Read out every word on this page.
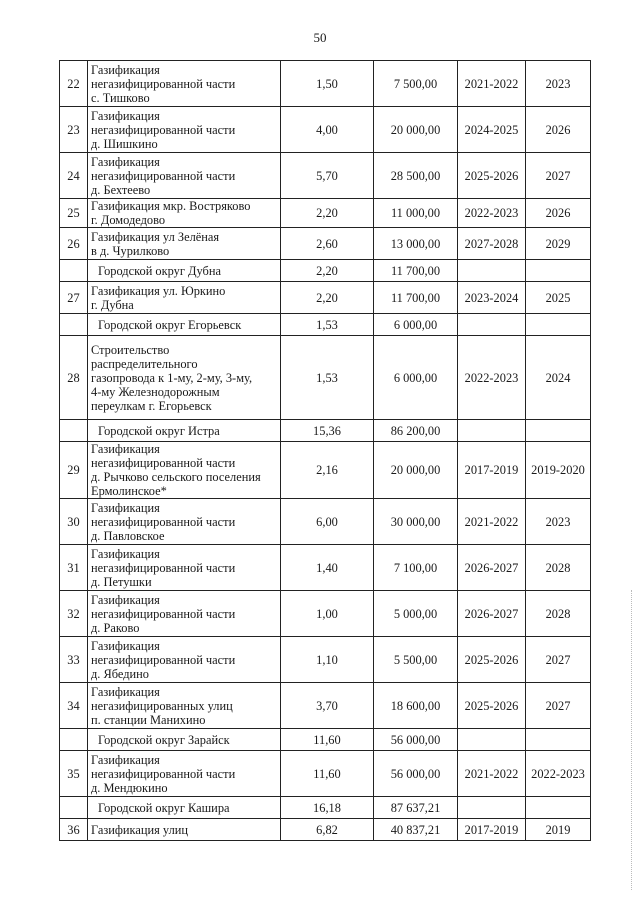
50
22	Газификация
негазифицированной части
с. Тишково	1,50	7 500,00	2021-2022	2023
23	Газификация
негазифицированной части
д. Шишкино	4,00	20 000,00	2024-2025	2026
24	Газификация
негазифицированной части
д. Бехтеево	5,70	28 500,00	2025-2026	2027
25	Газификация мкр. Востряково
г. Домодедово	2,20	11 000,00	2022-2023	2026
26	Газификация ул Зелёная
в д. Чурилково	2,60	13 000,00	2027-2028	2029
	Городской округ Дубна	2,20	11 700,00		
27	Газификация ул. Юркино
г. Дубна	2,20	11 700,00	2023-2024	2025
	Городской округ Егорьевск	1,53	6 000,00		
28	Строительство
распределительного
газопровода к 1-му, 2-му, 3-му,
4-му Железнодорожным
переулкам г. Егорьевск	1,53	6 000,00	2022-2023	2024
	Городской округ Истра	15,36	86 200,00		
29	Газификация
негазифицированной части
д. Рычково сельского поселения
Ермолинское*	2,16	20 000,00	2017-2019	2019-2020
30	Газификация
негазифицированной части
д. Павловское	6,00	30 000,00	2021-2022	2023
31	Газификация
негазифицированной части
д. Петушки	1,40	7 100,00	2026-2027	2028
32	Газификация
негазифицированной части
д. Раково	1,00	5 000,00	2026-2027	2028
33	Газификация
негазифицированной части
д. Ябедино	1,10	5 500,00	2025-2026	2027
34	Газификация
негазифицированных улиц
п. станции Манихино	3,70	18 600,00	2025-2026	2027
	Городской округ Зарайск	11,60	56 000,00		
35	Газификация
негазифицированной части
д. Мендюкино	11,60	56 000,00	2021-2022	2022-2023
	Городской округ Кашира	16,18	87 637,21		
36	Газификация улиц	6,82	40 837,21	2017-2019	2019
